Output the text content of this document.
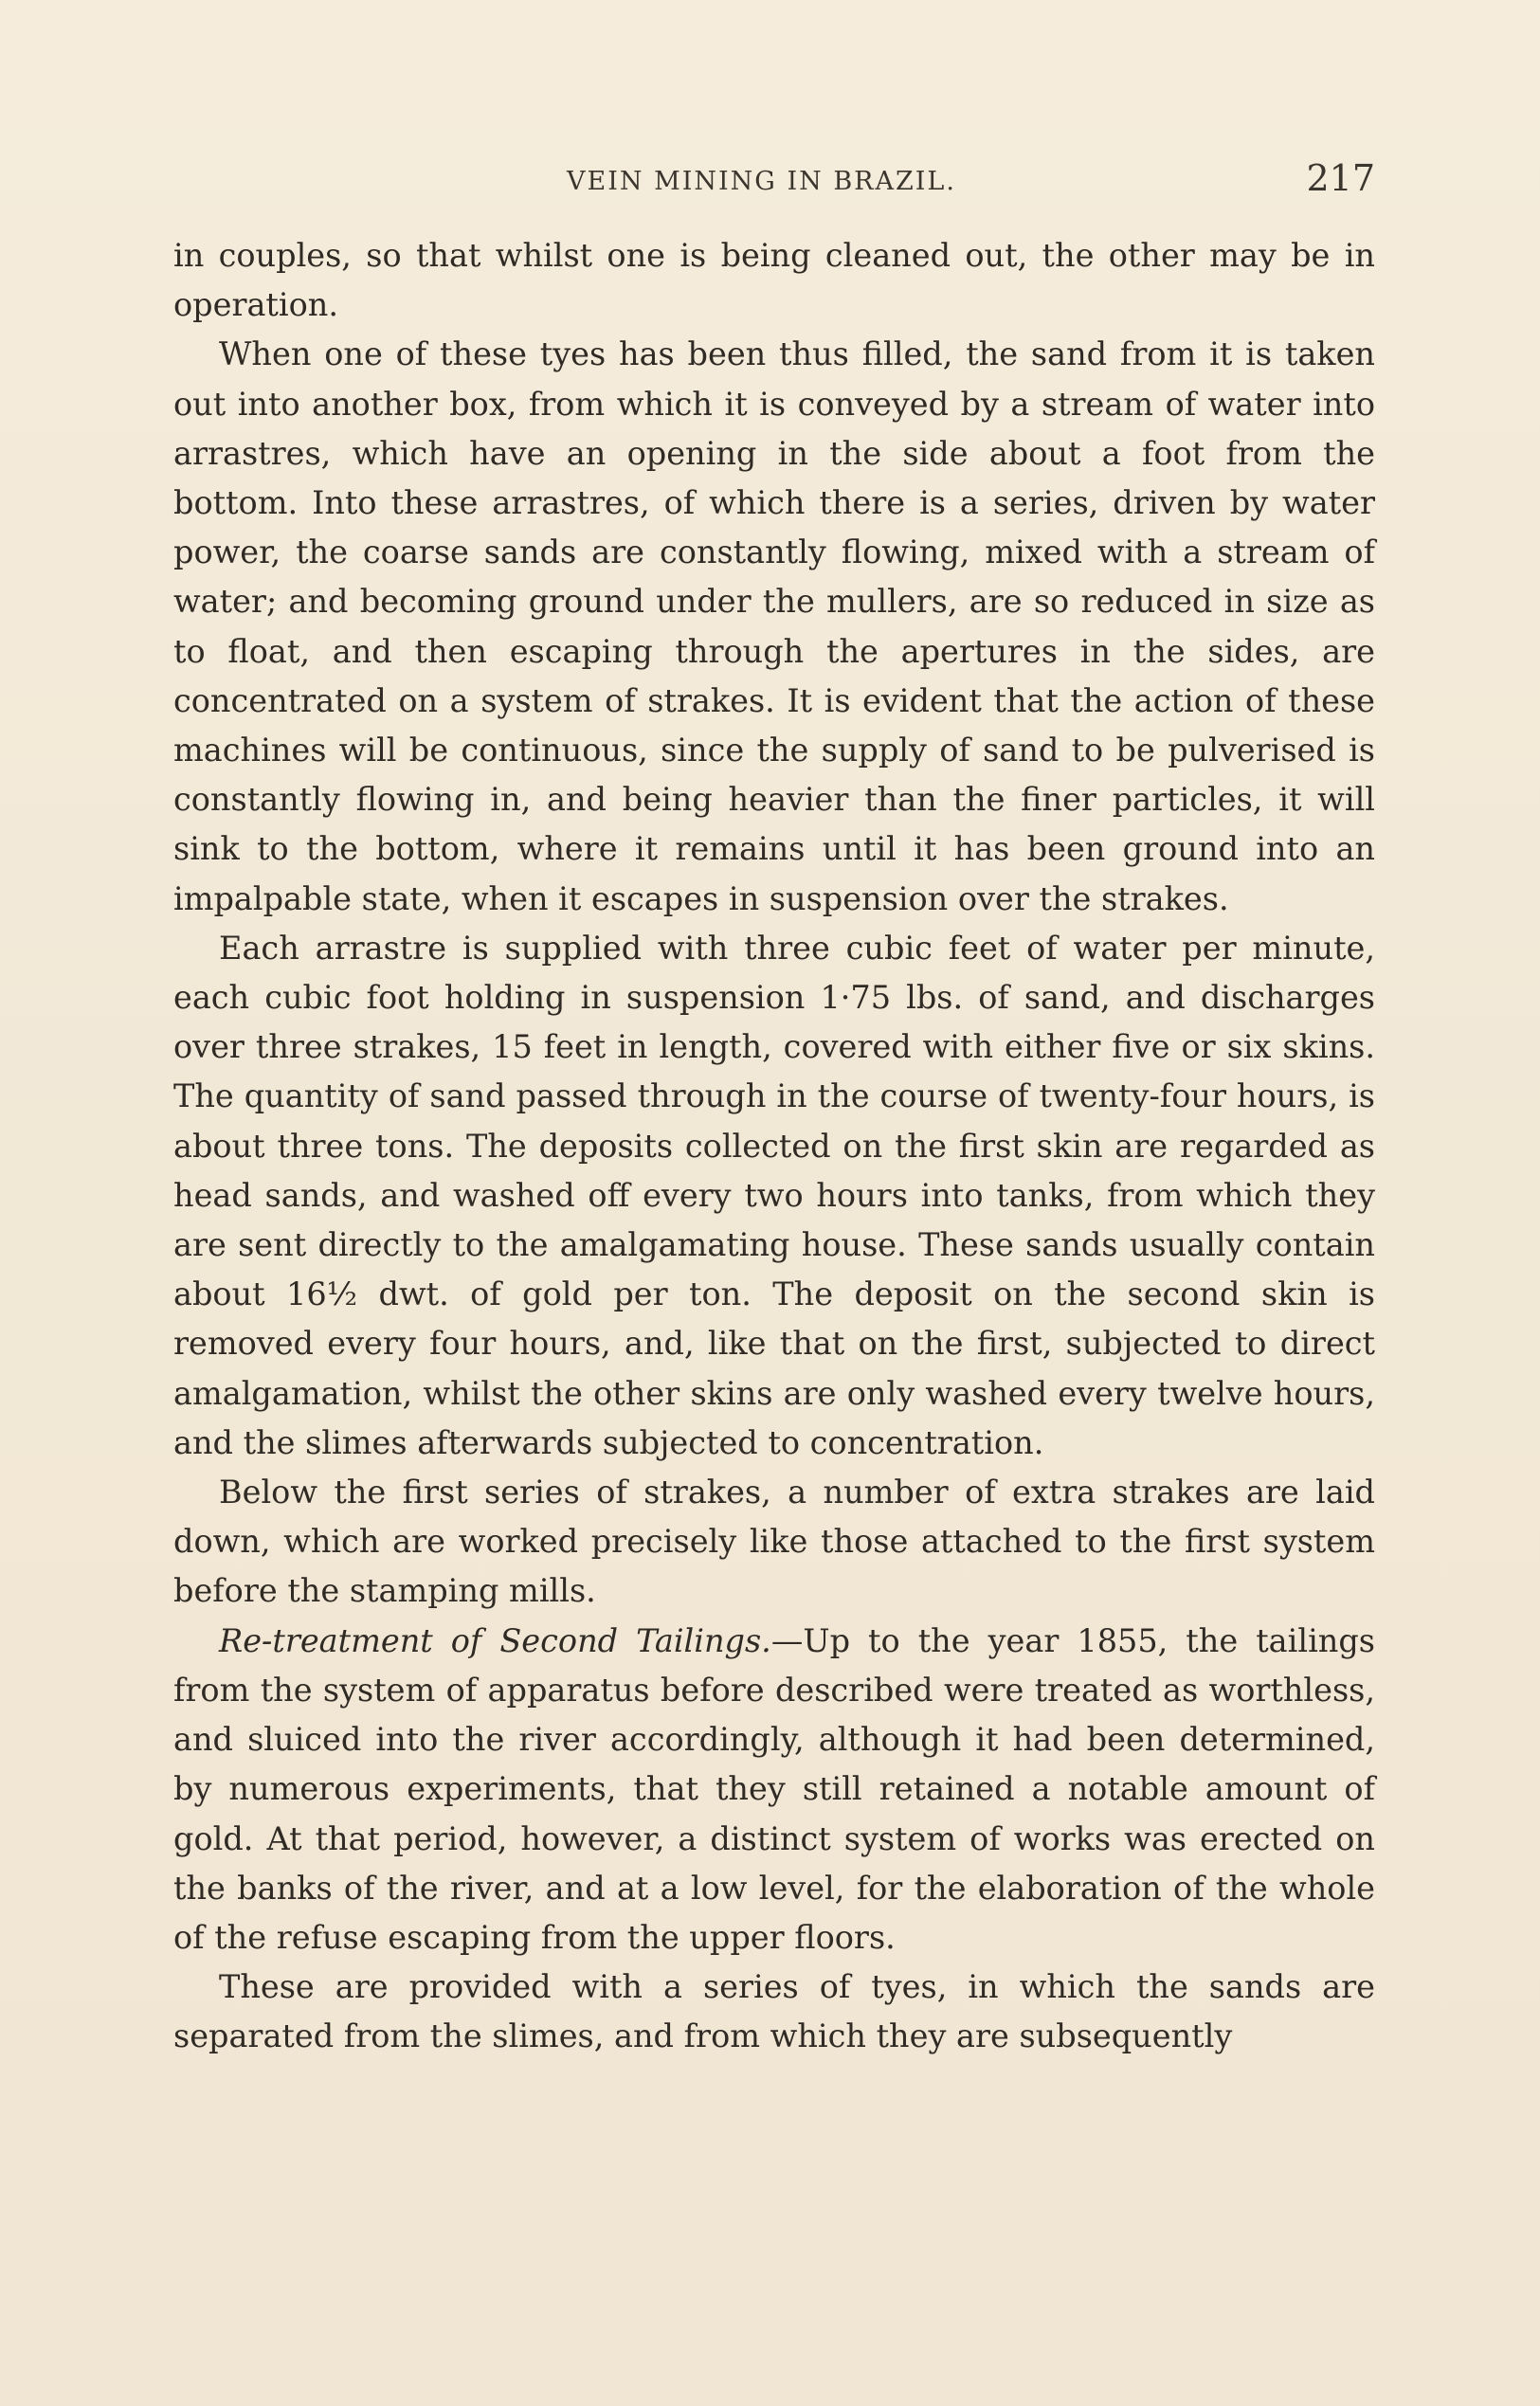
VEIN MINING IN BRAZIL.	217

in couples, so that whilst one is being cleaned out, the other may be in operation.

When one of these tyes has been thus filled, the sand from it is taken out into another box, from which it is conveyed by a stream of water into arrastres, which have an opening in the side about a foot from the bottom. Into these arrastres, of which there is a series, driven by water power, the coarse sands are constantly flowing, mixed with a stream of water; and becoming ground under the mullers, are so reduced in size as to float, and then escaping through the apertures in the sides, are concentrated on a system of strakes. It is evident that the action of these machines will be continuous, since the supply of sand to be pulverised is constantly flowing in, and being heavier than the finer particles, it will sink to the bottom, where it remains until it has been ground into an impalpable state, when it escapes in suspension over the strakes.

Each arrastre is supplied with three cubic feet of water per minute, each cubic foot holding in suspension 1·75 lbs. of sand, and discharges over three strakes, 15 feet in length, covered with either five or six skins. The quantity of sand passed through in the course of twenty-four hours, is about three tons. The deposits collected on the first skin are regarded as head sands, and washed off every two hours into tanks, from which they are sent directly to the amalgamating house. These sands usually contain about 16½ dwt. of gold per ton. The deposit on the second skin is removed every four hours, and, like that on the first, subjected to direct amalgamation, whilst the other skins are only washed every twelve hours, and the slimes afterwards subjected to concentration.

Below the first series of strakes, a number of extra strakes are laid down, which are worked precisely like those attached to the first system before the stamping mills.

Re-treatment of Second Tailings.—Up to the year 1855, the tailings from the system of apparatus before described were treated as worthless, and sluiced into the river accordingly, although it had been determined, by numerous experiments, that they still retained a notable amount of gold. At that period, however, a distinct system of works was erected on the banks of the river, and at a low level, for the elaboration of the whole of the refuse escaping from the upper floors.

These are provided with a series of tyes, in which the sands are separated from the slimes, and from which they are subsequently
